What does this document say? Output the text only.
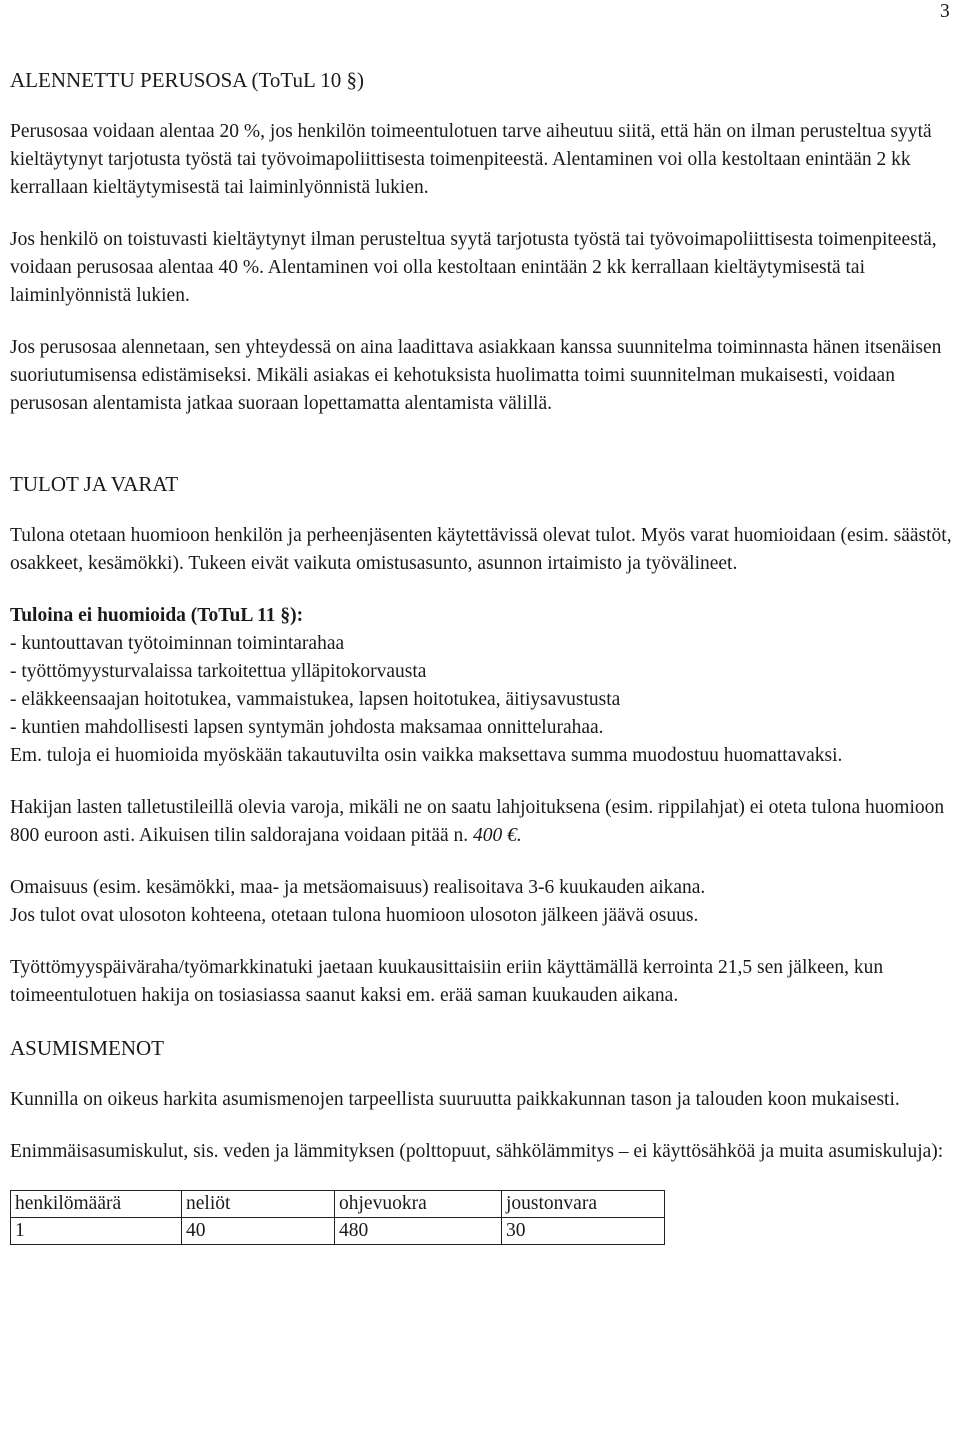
3
ALENNETTU PERUSOSA (ToTuL 10 §)

Perusosaa voidaan alentaa 20 %, jos henkilön toimeentulotuen tarve aiheutuu siitä, että hän on ilman perusteltua syytä kieltäytynyt tarjotusta työstä tai työvoimapoliittisesta toimenpiteestä. Alentaminen voi olla kestoltaan enintään 2 kk kerrallaan kieltäytymisestä tai laiminlyönnistä lukien.

Jos henkilö on toistuvasti kieltäytynyt ilman perusteltua syytä tarjotusta työstä tai työvoimapoliittisesta toimenpiteestä, voidaan perusosaa alentaa 40 %. Alentaminen voi olla kestoltaan enintään 2 kk kerrallaan kieltäytymisestä tai laiminlyönnistä lukien.

Jos perusosaa alennetaan, sen yhteydessä on aina laadittava asiakkaan kanssa suunnitelma toiminnasta hänen itsenäisen suoriutumisensa edistämiseksi. Mikäli asiakas ei kehotuksista huolimatta toimi suunnitelman mukaisesti, voidaan perusosan alentamista jatkaa suoraan lopettamatta alentamista välillä.

TULOT JA VARAT

Tulona otetaan huomioon henkilön ja perheenjäsenten käytettävissä olevat tulot. Myös varat huomioidaan (esim. säästöt, osakkeet, kesämökki). Tukeen eivät vaikuta omistusasunto, asunnon irtaimisto ja työvälineet.

Tuloina ei huomioida (ToTuL 11 §):

- kuntouttavan työtoiminnan toimintarahaa

- työttömyysturvalaissa tarkoitettua ylläpitokorvausta

- eläkkeensaajan hoitotukea, vammaistukea, lapsen hoitotukea, äitiysavustusta

- kuntien mahdollisesti lapsen syntymän johdosta maksamaa onnittelurahaa.

Em. tuloja ei huomioida myöskään takautuvilta osin vaikka maksettava summa muodostuu huomattavaksi.

Hakijan lasten talletustileillä olevia varoja, mikäli ne on saatu lahjoituksena (esim. rippilahjat) ei oteta tulona huomioon 800 euroon asti. Aikuisen tilin saldorajana voidaan pitää n. 400 €.

Omaisuus (esim. kesämökki, maa- ja metsäomaisuus) realisoitava 3-6 kuukauden aikana.

Jos tulot ovat ulosoton kohteena, otetaan tulona huomioon ulosoton jälkeen jäävä osuus.

Työttömyyspäiväraha/työmarkkinatuki jaetaan kuukausittaisiin eriin käyttämällä kerrointa 21,5 sen jälkeen, kun toimeentulotuen hakija on tosiasiassa saanut kaksi em. erää saman kuukauden aikana.

ASUMISMENOT

Kunnilla on oikeus harkita asumismenojen tarpeellista suuruutta paikkakunnan tason ja talouden koon mukaisesti.

Enimmäisasumiskulut, sis. veden ja lämmityksen (polttopuut, sähkölämmitys – ei käyttösähköä ja muita asumiskuluja):

henkilömäärä	neliöt	ohjevuokra	joustonvara
1	40	480	30
